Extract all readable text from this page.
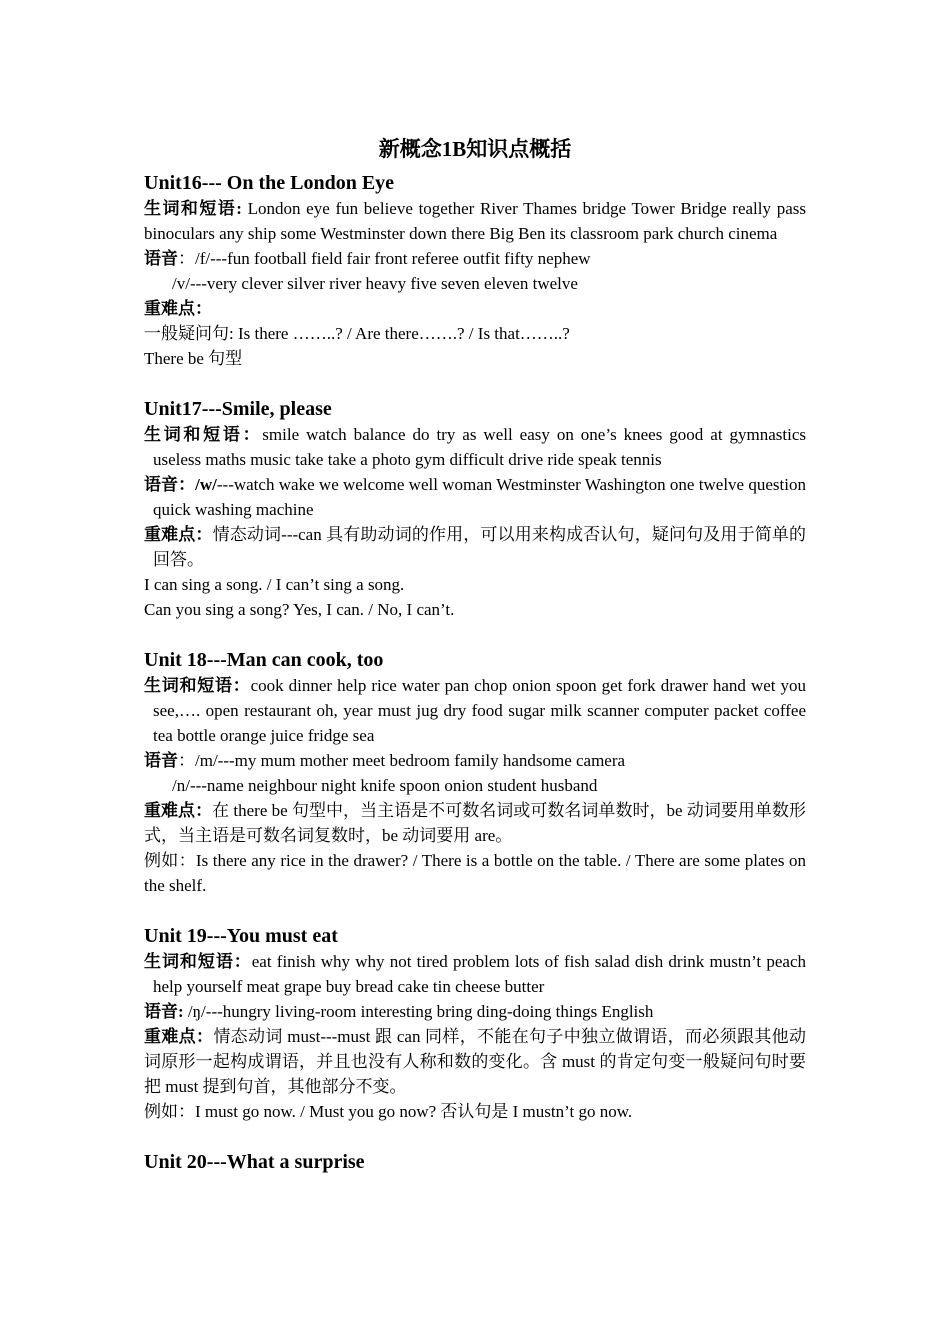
新概念1B知识点概括
Unit16--- On the London Eye

生词和短语: London eye fun believe together River Thames bridge Tower Bridge really pass binoculars any ship some Westminster down there Big Ben its classroom park church cinema

语音：/f/---fun football field fair front referee outfit fifty nephew

/v/---very clever silver river heavy five seven eleven twelve

重难点：

一般疑问句: Is there ……..? / Are there…….? / Is that……..?

There be 句型

Unit17---Smile, please

生词和短语：smile watch balance do try as well easy on one’s knees good at gymnastics useless maths music take take a photo gym difficult drive ride speak tennis

语音：/w/---watch wake we welcome well woman Westminster Washington one twelve question quick washing machine

重难点：情态动词---can 具有助动词的作用，可以用来构成否认句，疑问句及用于简单的回答。

I can sing a song. / I can’t sing a song.

Can you sing a song? Yes, I can. / No, I can’t.

Unit 18---Man can cook, too

生词和短语：cook dinner help rice water pan chop onion spoon get fork drawer hand wet you see,…. open restaurant oh, year must jug dry food sugar milk scanner computer packet coffee tea bottle orange juice fridge sea

语音：/m/---my mum mother meet bedroom family handsome camera

/n/---name neighbour night knife spoon onion student husband

重难点：在 there be 句型中，当主语是不可数名词或可数名词单数时，be 动词要用单数形式，当主语是可数名词复数时，be 动词要用 are。

例如：Is there any rice in the drawer? / There is a bottle on the table. / There are some plates on the shelf.

Unit 19---You must eat

生词和短语：eat finish why why not tired problem lots of fish salad dish drink mustn’t peach help yourself meat grape buy bread cake tin cheese butter

语音: /ŋ/---hungry living-room interesting bring ding-doing things English

重难点：情态动词 must---must 跟 can 同样，不能在句子中独立做谓语，而必须跟其他动词原形一起构成谓语，并且也没有人称和数的变化。含 must 的肯定句变一般疑问句时要把 must 提到句首，其他部分不变。

例如：I must go now. / Must you go now? 否认句是 I mustn’t go now.

Unit 20---What a surprise
